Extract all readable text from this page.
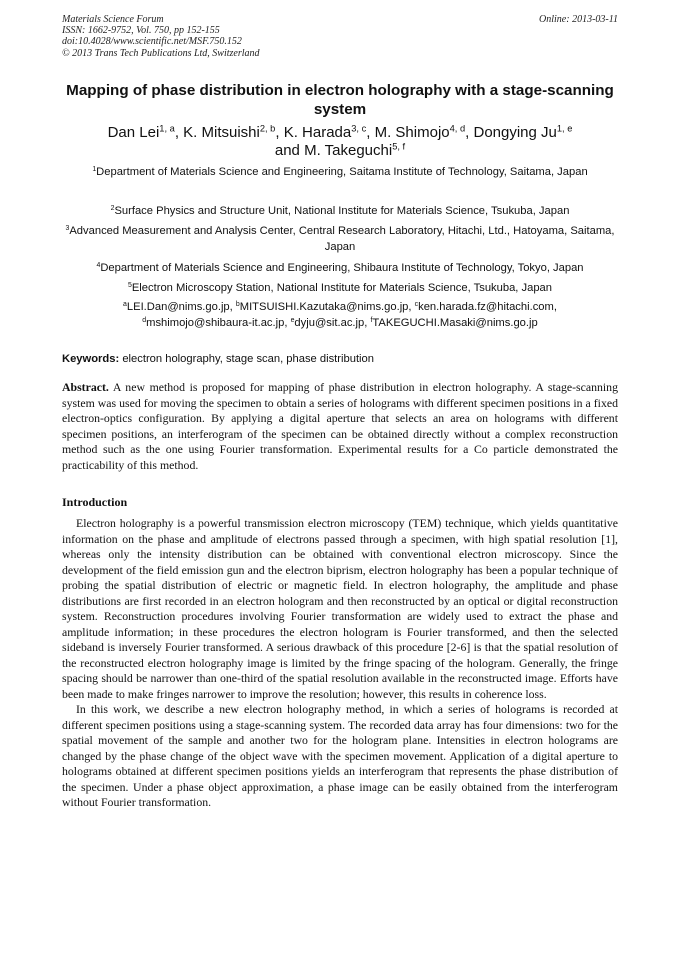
Materials Science Forum
ISSN: 1662-9752, Vol. 750, pp 152-155
doi:10.4028/www.scientific.net/MSF.750.152
© 2013 Trans Tech Publications Ltd, Switzerland
Online: 2013-03-11
Mapping of phase distribution in electron holography with a stage-scanning system
Dan Lei$^{1, a}$, K. Mitsuishi$^{2, b}$, K. Harada$^{3, c}$, M. Shimojo$^{4, d}$, Dongying Ju$^{1, e}$
and M. Takeguchi$^{5, f}$
$^1$Department of Materials Science and Engineering, Saitama Institute of Technology, Saitama, Japan
$^2$Surface Physics and Structure Unit, National Institute for Materials Science, Tsukuba, Japan
$^3$Advanced Measurement and Analysis Center, Central Research Laboratory, Hitachi, Ltd., Hatoyama, Saitama, Japan
$^4$Department of Materials Science and Engineering, Shibaura Institute of Technology, Tokyo, Japan
$^5$Electron Microscopy Station, National Institute for Materials Science, Tsukuba, Japan
$^a$LEI.Dan@nims.go.jp, $^b$MITSUISHI.Kazutaka@nims.go.jp, $^c$ken.harada.fz@hitachi.com,
$^d$mshimojo@shibaura-it.ac.jp, $^e$dyju@sit.ac.jp, $^f$TAKEGUCHI.Masaki@nims.go.jp
Keywords: electron holography, stage scan, phase distribution
Abstract. A new method is proposed for mapping of phase distribution in electron holography. A stage-scanning system was used for moving the specimen to obtain a series of holograms with different specimen positions in a fixed electron-optics configuration. By applying a digital aperture that selects an area on holograms with different specimen positions, an interferogram of the specimen can be obtained directly without a complex reconstruction method such as the one using Fourier transformation. Experimental results for a Co particle demonstrated the practicability of this method.
Introduction

Electron holography is a powerful transmission electron microscopy (TEM) technique, which yields quantitative information on the phase and amplitude of electrons passed through a specimen, with high spatial resolution [1], whereas only the intensity distribution can be obtained with conventional electron microscopy. Since the development of the field emission gun and the electron biprism, electron holography has been a popular technique of probing the spatial distribution of electric or magnetic field. In electron holography, the amplitude and phase distributions are first recorded in an electron hologram and then reconstructed by an optical or digital reconstruction system. Reconstruction procedures involving Fourier transformation are widely used to extract the phase and amplitude information; in these procedures the electron hologram is Fourier transformed, and then the selected sideband is inversely Fourier transformed. A serious drawback of this procedure [2-6] is that the spatial resolution of the reconstructed electron holography image is limited by the fringe spacing of the hologram. Generally, the fringe spacing should be narrower than one-third of the spatial resolution available in the reconstructed image. Efforts have been made to make fringes narrower to improve the resolution; however, this results in coherence loss.

In this work, we describe a new electron holography method, in which a series of holograms is recorded at different specimen positions using a stage-scanning system. The recorded data array has four dimensions: two for the spatial movement of the sample and another two for the hologram plane. Intensities in electron holograms are changed by the phase change of the object wave with the specimen movement. Application of a digital aperture to holograms obtained at different specimen positions yields an interferogram that represents the phase distribution of the specimen. Under a phase object approximation, a phase image can be easily obtained from the interferogram without Fourier transformation.
